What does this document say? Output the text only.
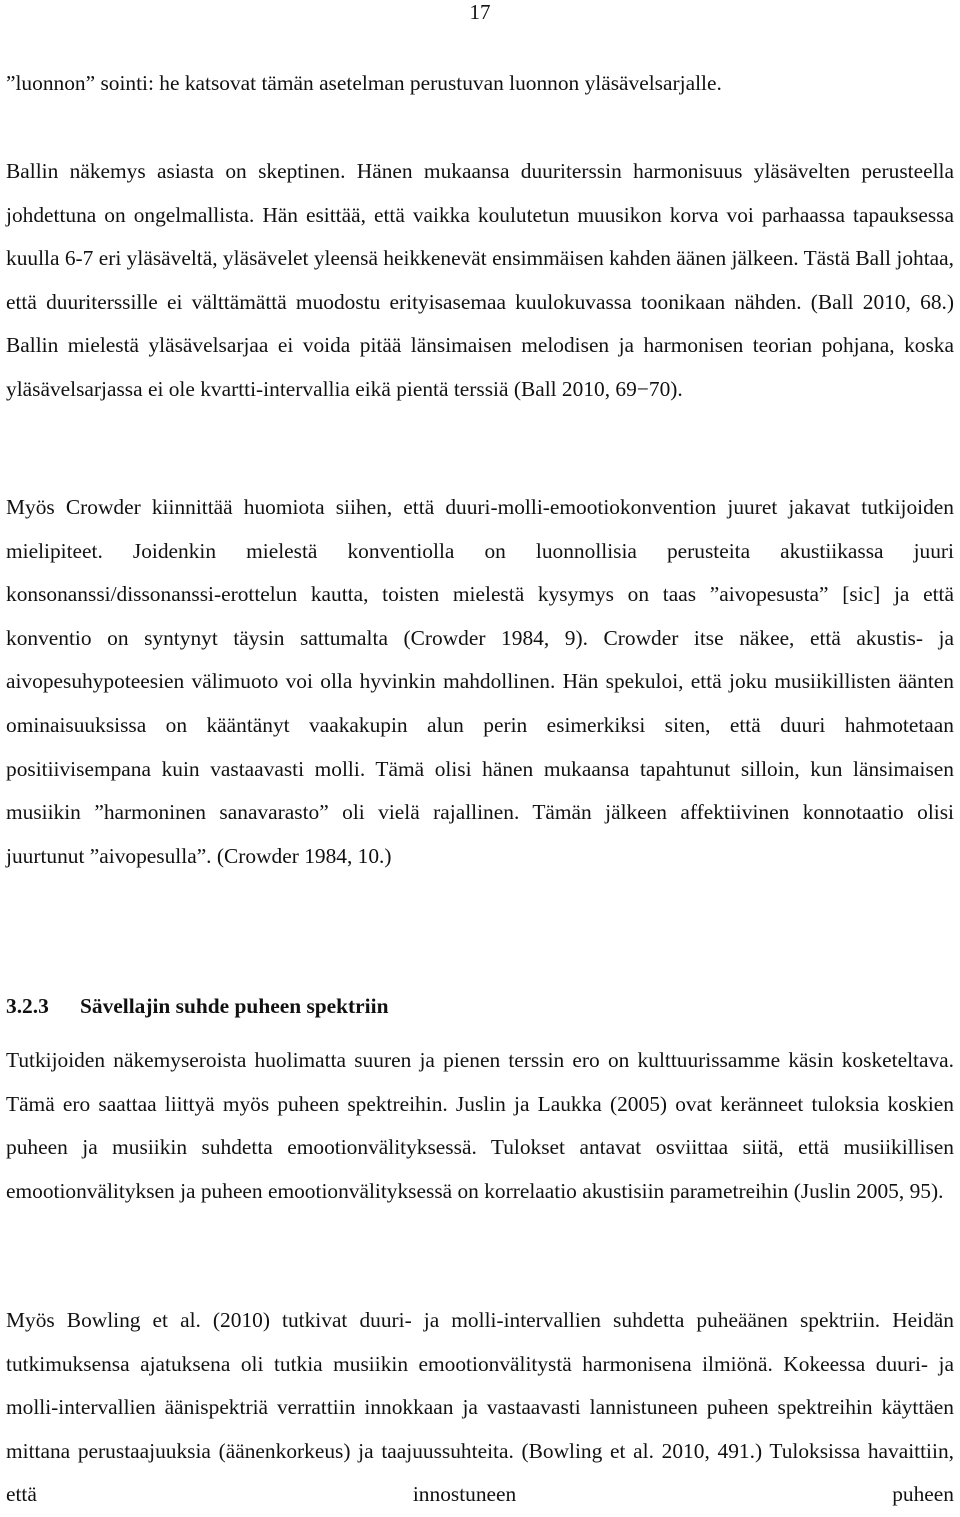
17

”luonnon” sointi: he katsovat tämän asetelman perustuvan luonnon yläsävelsarjalle.

Ballin näkemys asiasta on skeptinen. Hänen mukaansa duuriterssin harmonisuus yläsävelten perusteella johdettuna on ongelmallista. Hän esittää, että vaikka koulutetun muusikon korva voi parhaassa tapauksessa kuulla 6-7 eri yläsäveltä, yläsävelet yleensä heikkenevät ensimmäisen kahden äänen jälkeen. Tästä Ball johtaa, että duuriterssille ei välttämättä muodostu erityisasemaa kuulokuvassa toonikaan nähden. (Ball 2010, 68.) Ballin mielestä yläsävelsarjaa ei voida pitää länsimaisen melodisen ja harmonisen teorian pohjana, koska yläsävelsarjassa ei ole kvartti-intervallia eikä pientä terssiä (Ball 2010, 69−70).

Myös Crowder kiinnittää huomiota siihen, että duuri-molli-emootiokonvention juuret jakavat tutkijoiden mielipiteet. Joidenkin mielestä konventiolla on luonnollisia perusteita akustiikassa juuri konsonanssi/dissonanssi-erottelun kautta, toisten mielestä kysymys on taas ”aivopesusta” [sic] ja että konventio on syntynyt täysin sattumalta (Crowder 1984, 9). Crowder itse näkee, että akustis- ja aivopesuhypoteesien välimuoto voi olla hyvinkin mahdollinen. Hän spekuloi, että joku musiikillisten äänten ominaisuuksissa on kääntänyt vaakakupin alun perin esimerkiksi siten, että duuri hahmotetaan positiivisempana kuin vastaavasti molli. Tämä olisi hänen mukaansa tapahtunut silloin, kun länsimaisen musiikin ”harmoninen sanavarasto” oli vielä rajallinen. Tämän jälkeen affektiivinen konnotaatio olisi juurtunut ”aivopesulla”. (Crowder 1984, 10.)

3.2.3 Sävellajin suhde puheen spektriin

Tutkijoiden näkemyseroista huolimatta suuren ja pienen terssin ero on kulttuurissamme käsin kosketeltava. Tämä ero saattaa liittyä myös puheen spektreihin. Juslin ja Laukka (2005) ovat keränneet tuloksia koskien puheen ja musiikin suhdetta emootionvälityksessä. Tulokset antavat osviittaa siitä, että musiikillisen emootionvälityksen ja puheen emootionvälityksessä on korrelaatio akustisiin parametreihin (Juslin 2005, 95).

Myös Bowling et al. (2010) tutkivat duuri- ja molli-intervallien suhdetta puheäänen spektriin. Heidän tutkimuksensa ajatuksena oli tutkia musiikin emootionvälitystä harmonisena ilmiönä. Kokeessa duuri- ja molli-intervallien äänispektriä verrattiin innokkaan ja vastaavasti lannistuneen puheen spektreihin käyttäen mittana perustaajuuksia (äänenkorkeus) ja taajuussuhteita. (Bowling et al. 2010, 491.) Tuloksissa havaittiin, että innostuneen puheen
